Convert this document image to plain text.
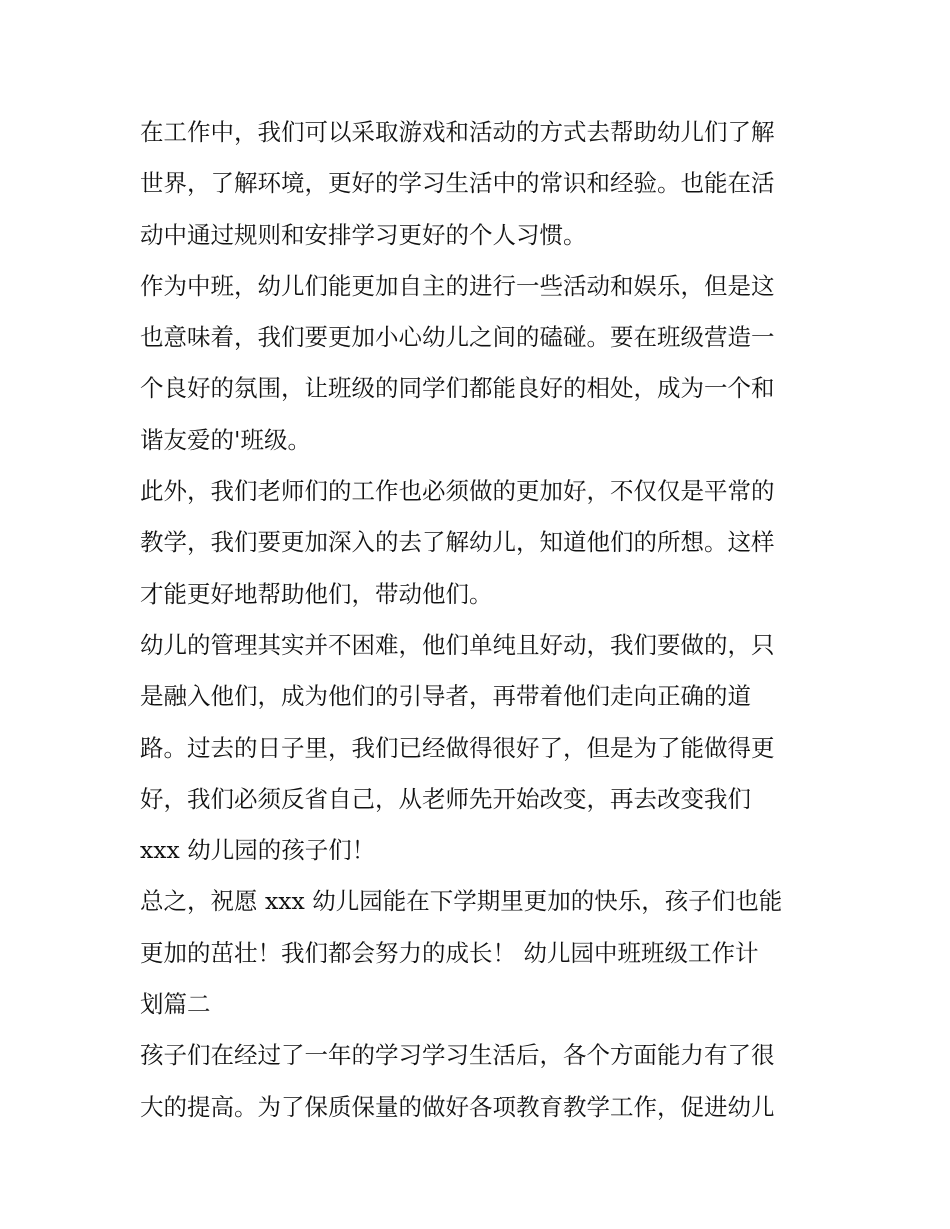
在工作中，我们可以采取游戏和活动的方式去帮助幼儿们了解
世界，了解环境，更好的学习生活中的常识和经验。也能在活
动中通过规则和安排学习更好的个人习惯。
作为中班，幼儿们能更加自主的进行一些活动和娱乐，但是这
也意味着，我们要更加小心幼儿之间的磕碰。要在班级营造一
个良好的氛围，让班级的同学们都能良好的相处，成为一个和
谐友爱的'班级。
此外，我们老师们的工作也必须做的更加好，不仅仅是平常的
教学，我们要更加深入的去了解幼儿，知道他们的所想。这样
才能更好地帮助他们，带动他们。
幼儿的管理其实并不困难，他们单纯且好动，我们要做的，只
是融入他们，成为他们的引导者，再带着他们走向正确的道
路。过去的日子里，我们已经做得很好了，但是为了能做得更
好，我们必须反省自己，从老师先开始改变，再去改变我们
xxx 幼儿园的孩子们！
总之，祝愿 xxx 幼儿园能在下学期里更加的快乐，孩子们也能
更加的茁壮！我们都会努力的成长！ 幼儿园中班班级工作计
划篇二
孩子们在经过了一年的学习学习生活后，各个方面能力有了很
大的提高。为了保质保量的做好各项教育教学工作，促进幼儿
